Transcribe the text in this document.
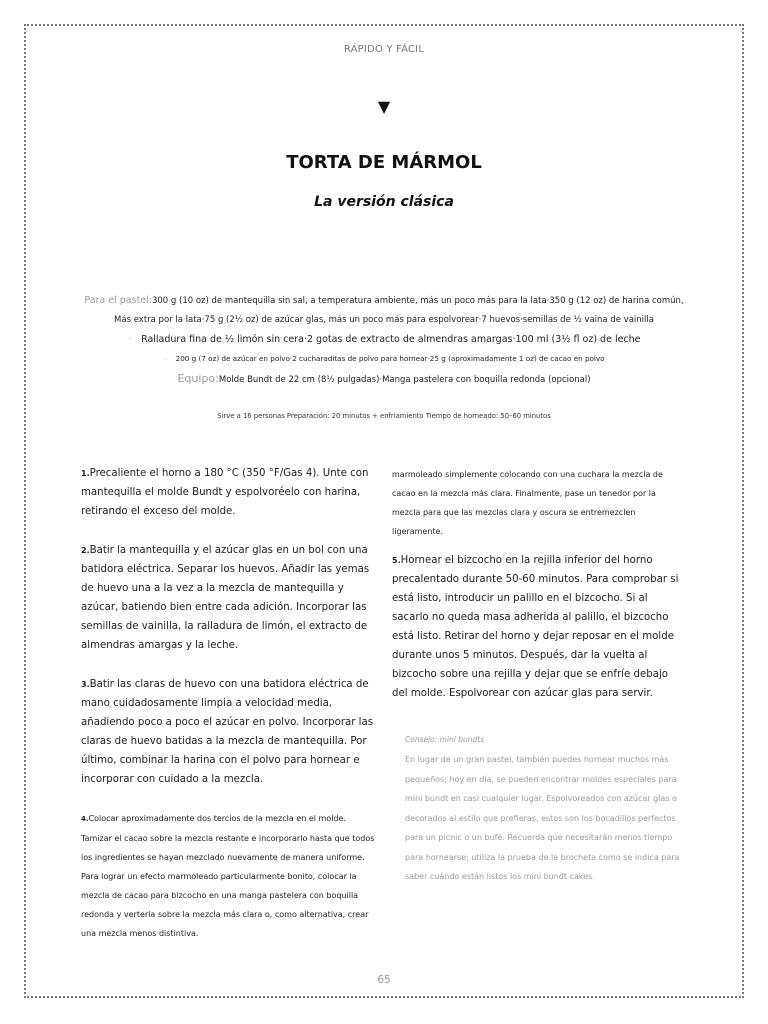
RÁPIDO Y FÁCIL
▼
TORTA DE MÁRMOL
La versión clásica
Para el pastel:300 g (10 oz) de mantequilla sin sal, a temperatura ambiente, más un poco más para la lata·350 g (12 oz) de harina común,
Más extra por la lata·75 g (2½ oz) de azúcar glas, más un poco más para espolvorear·7 huevos·semillas de ½ vaina de vainilla
◦ Ralladura fina de ½ limón sin cera·2 gotas de extracto de almendras amargas·100 ml (3½ fl oz) de leche
◦ 200 g (7 oz) de azúcar en polvo·2 cucharaditas de polvo para hornear·25 g (aproximadamente 1 oz) de cacao en polvo
Equipo:Molde Bundt de 22 cm (8½ pulgadas)·Manga pastelera con boquilla redonda (opcional)
Sirve a 16 personas Preparación: 20 minutos + enfriamiento Tiempo de horneado: 50–60 minutos

1.Precaliente el horno a 180 °C (350 °F/Gas 4). Unte con mantequilla el molde Bundt y espolvoréelo con harina, retirando el exceso del molde.

2.Batir la mantequilla y el azúcar glas en un bol con una batidora eléctrica. Separar los huevos. Añadir las yemas de huevo una a la vez a la mezcla de mantequilla y azúcar, batiendo bien entre cada adición. Incorporar las semillas de vainilla, la ralladura de limón, el extracto de almendras amargas y la leche.

3.Batir las claras de huevo con una batidora eléctrica de mano cuidadosamente limpia a velocidad media, añadiendo poco a poco el azúcar en polvo. Incorporar las claras de huevo batidas a la mezcla de mantequilla. Por último, combinar la harina con el polvo para hornear e incorporar con cuidado a la mezcla.

4.Colocar aproximadamente dos tercios de la mezcla en el molde. Tamizar el cacao sobre la mezcla restante e incorporarlo hasta que todos los ingredientes se hayan mezclado nuevamente de manera uniforme. Para lograr un efecto marmoleado particularmente bonito, colocar la mezcla de cacao para bizcocho en una manga pastelera con boquilla redonda y verterla sobre la mezcla más clara o, como alternativa, crear una mezcla menos distintiva.

marmoleado simplemente colocando con una cuchara la mezcla de cacao en la mezcla más clara. Finalmente, pase un tenedor por la mezcla para que las mezclas clara y oscura se entremezclen ligeramente.

5.Hornear el bizcocho en la rejilla inferior del horno precalentado durante 50-60 minutos. Para comprobar si está listo, introducir un palillo en el bizcocho. Si al sacarlo no queda masa adherida al palillo, el bizcocho está listo. Retirar del horno y dejar reposar en el molde durante unos 5 minutos. Después, dar la vuelta al bizcocho sobre una rejilla y dejar que se enfríe debajo del molde. Espolvorear con azúcar glas para servir.

Consejo: mini bundts
En lugar de un gran pastel, también puedes hornear muchos más pequeños; hoy en día, se pueden encontrar moldes especiales para mini bundt en casi cualquier lugar. Espolvoreados con azúcar glas o decorados al estilo que prefieras, estos son los bocadillos perfectos para un picnic o un bufé. Recuerda que necesitarán menos tiempo para hornearse; utiliza la prueba de la brocheta como se indica para saber cuándo están listos los mini bundt cakes.
65
